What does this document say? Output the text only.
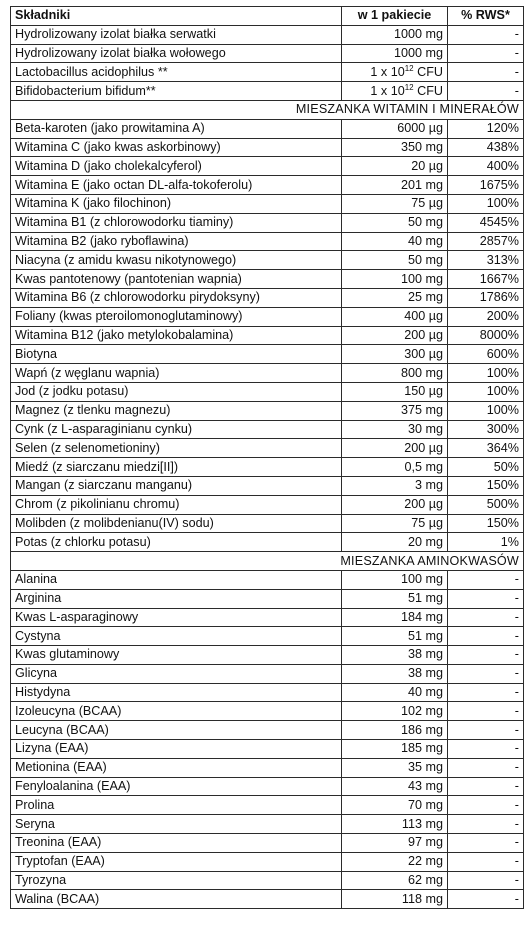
Składniki	w 1 pakiecie	% RWS*
Hydrolizowany izolat białka serwatki	1000 mg	-
Hydrolizowany izolat białka wołowego	1000 mg	-
Lactobacillus acidophilus **	1 x $10^{12}$ CFU	-
Bifidobacterium bifidum**	1 x $10^{12}$ CFU	-
MIESZANKA WITAMIN I MINERAŁÓW		
Beta-karoten (jako prowitamina A)	6000 µg	120%
Witamina C (jako kwas askorbinowy)	350 mg	438%
Witamina D (jako cholekalcyferol)	20 µg	400%
Witamina E (jako octan DL-alfa-tokoferolu)	201 mg	1675%
Witamina K (jako filochinon)	75 µg	100%
Witamina B1 (z chlorowodorku tiaminy)	50 mg	4545%
Witamina B2 (jako ryboflawina)	40 mg	2857%
Niacyna (z amidu kwasu nikotynowego)	50 mg	313%
Kwas pantotenowy (pantotenian wapnia)	100 mg	1667%
Witamina B6 (z chlorowodorku pirydoksyny)	25 mg	1786%
Foliany (kwas pteroilomonoglutaminowy)	400 µg	200%
Witamina B12 (jako metylokobalamina)	200 µg	8000%
Biotyna	300 µg	600%
Wapń (z węglanu wapnia)	800 mg	100%
Jod (z jodku potasu)	150 µg	100%
Magnez (z tlenku magnezu)	375 mg	100%
Cynk (z L-asparaginianu cynku)	30 mg	300%
Selen (z selenometioniny)	200 µg	364%
Miedź (z siarczanu miedzi[II])	0,5 mg	50%
Mangan (z siarczanu manganu)	3 mg	150%
Chrom (z pikolinianu chromu)	200 µg	500%
Molibden (z molibdenianu(IV) sodu)	75 µg	150%
Potas (z chlorku potasu)	20 mg	1%
MIESZANKA AMINOKWASÓW		
Alanina	100 mg	-
Arginina	51 mg	-
Kwas L-asparaginowy	184 mg	-
Cystyna	51 mg	-
Kwas glutaminowy	38 mg	-
Glicyna	38 mg	-
Histydyna	40 mg	-
Izoleucyna (BCAA)	102 mg	-
Leucyna (BCAA)	186 mg	-
Lizyna (EAA)	185 mg	-
Metionina (EAA)	35 mg	-
Fenyloalanina (EAA)	43 mg	-
Prolina	70 mg	-
Seryna	113 mg	-
Treonina (EAA)	97 mg	-
Tryptofan (EAA)	22 mg	-
Tyrozyna	62 mg	-
Walina (BCAA)	118 mg	-
